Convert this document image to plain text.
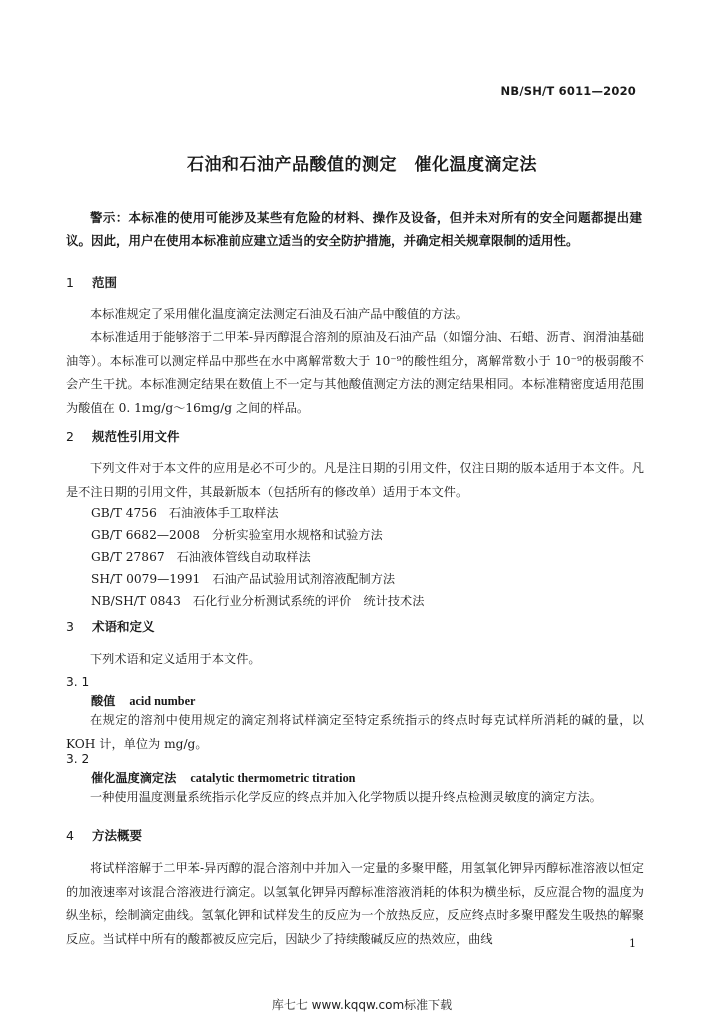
NB/SH/T 6011—2020
石油和石油产品酸值的测定　催化温度滴定法
警示：本标准的使用可能涉及某些有危险的材料、操作及设备，但并未对所有的安全问题都提出建议。因此，用户在使用本标准前应建立适当的安全防护措施，并确定相关规章限制的适用性。
1 范围
本标准规定了采用催化温度滴定法测定石油及石油产品中酸值的方法。
本标准适用于能够溶于二甲苯-异丙醇混合溶剂的原油及石油产品（如馏分油、石蜡、沥青、润滑油基础油等）。本标准可以测定样品中那些在水中离解常数大于 10⁻⁹的酸性组分，离解常数小于 10⁻⁹的极弱酸不会产生干扰。本标准测定结果在数值上不一定与其他酸值测定方法的测定结果相同。本标准精密度适用范围为酸值在 0. 1mg/g～16mg/g 之间的样品。
2 规范性引用文件
下列文件对于本文件的应用是必不可少的。凡是注日期的引用文件，仅注日期的版本适用于本文件。凡是不注日期的引用文件，其最新版本（包括所有的修改单）适用于本文件。
GB/T 4756 石油液体手工取样法
GB/T 6682—2008 分析实验室用水规格和试验方法
GB/T 27867 石油液体管线自动取样法
SH/T 0079—1991 石油产品试验用试剂溶液配制方法
NB/SH/T 0843 石化行业分析测试系统的评价　统计技术法
3 术语和定义
下列术语和定义适用于本文件。
3. 1
酸值 acid number
在规定的溶剂中使用规定的滴定剂将试样滴定至特定系统指示的终点时每克试样所消耗的碱的量，以 KOH 计，单位为 mg/g。
3. 2
催化温度滴定法 catalytic thermometric titration
一种使用温度测量系统指示化学反应的终点并加入化学物质以提升终点检测灵敏度的滴定方法。
4 方法概要
将试样溶解于二甲苯-异丙醇的混合溶剂中并加入一定量的多聚甲醛，用氢氧化钾异丙醇标准溶液以恒定的加液速率对该混合溶液进行滴定。以氢氧化钾异丙醇标准溶液消耗的体积为横坐标，反应混合物的温度为纵坐标，绘制滴定曲线。氢氧化钾和试样发生的反应为一个放热反应，反应终点时多聚甲醛发生吸热的解聚反应。当试样中所有的酸都被反应完后，因缺少了持续酸碱反应的热效应，曲线	1
库七七 www.kqqw.com标准下载
